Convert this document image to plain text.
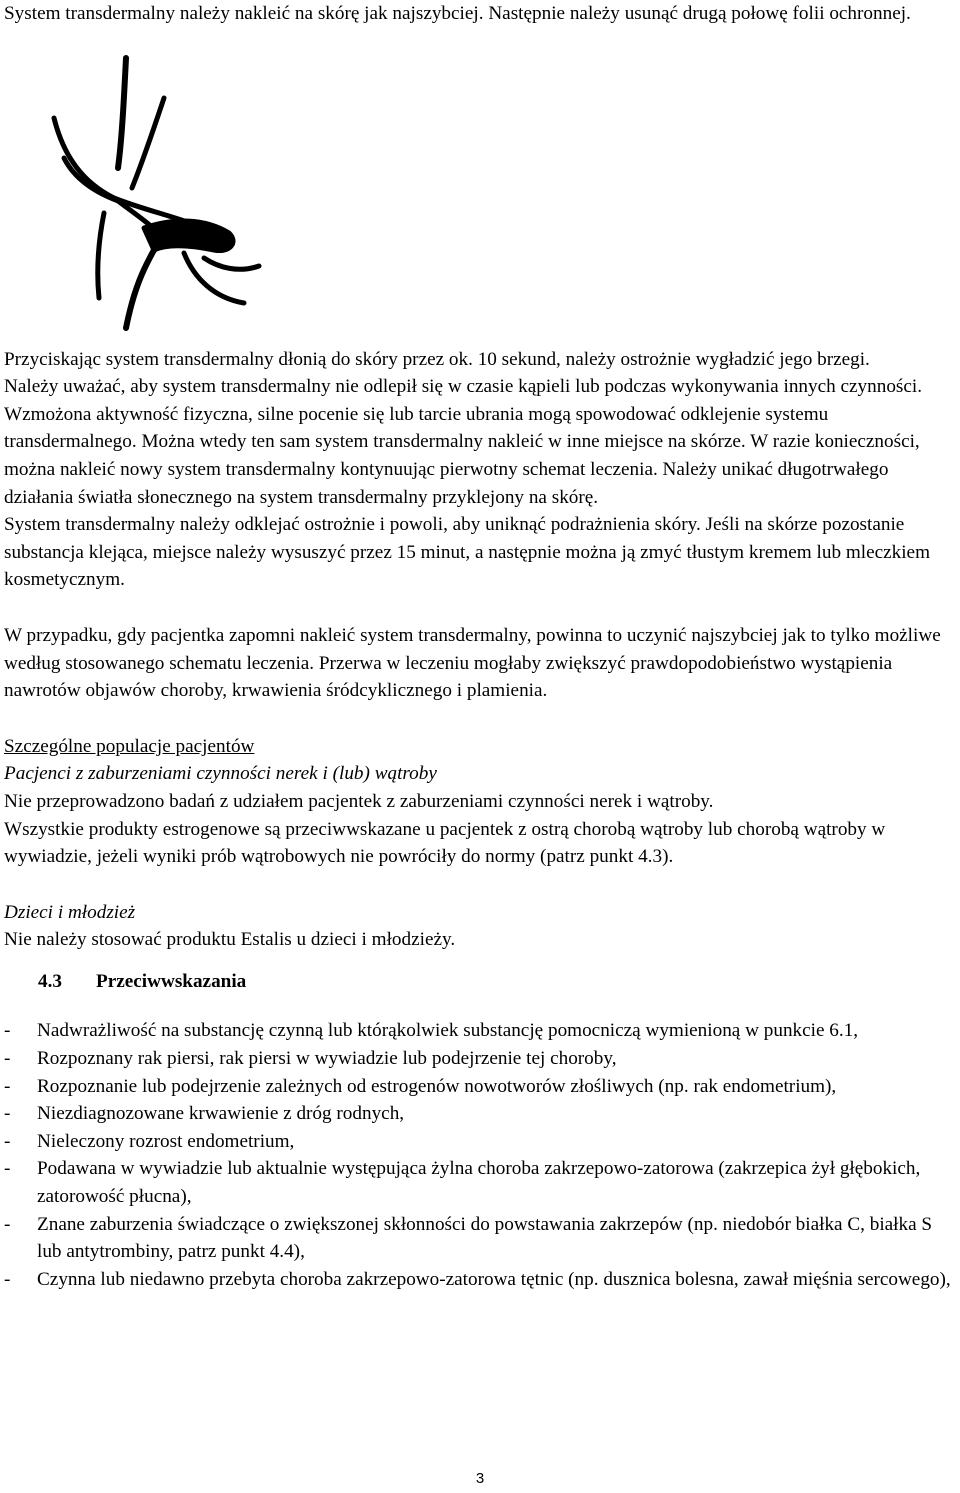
System transdermalny należy nakleić na skórę jak najszybciej. Następnie należy usunąć drugą połowę folii ochronnej.

Przyciskając system transdermalny dłonią do skóry przez ok. 10 sekund, należy ostrożnie wygładzić jego brzegi.

Należy uważać, aby system transdermalny nie odlepił się w czasie kąpieli lub podczas wykonywania innych czynności. Wzmożona aktywność fizyczna, silne pocenie się lub tarcie ubrania mogą spowodować odklejenie systemu transdermalnego. Można wtedy ten sam system transdermalny nakleić w inne miejsce na skórze. W razie konieczności, można nakleić nowy system transdermalny kontynuując pierwotny schemat leczenia. Należy unikać długotrwałego działania światła słonecznego na system transdermalny przyklejony na skórę.

System transdermalny należy odklejać ostrożnie i powoli, aby uniknąć podrażnienia skóry. Jeśli na skórze pozostanie substancja klejąca, miejsce należy wysuszyć przez 15 minut, a następnie można ją zmyć tłustym kremem lub mleczkiem kosmetycznym.

W przypadku, gdy pacjentka zapomni nakleić system transdermalny, powinna to uczynić najszybciej jak to tylko możliwe według stosowanego schematu leczenia. Przerwa w leczeniu mogłaby zwiększyć prawdopodobieństwo wystąpienia nawrotów objawów choroby, krwawienia śródcyklicznego i plamienia.

Szczególne populacje pacjentów

Pacjenci z zaburzeniami czynności nerek i (lub) wątroby

Nie przeprowadzono badań z udziałem pacjentek z zaburzeniami czynności nerek i wątroby.

Wszystkie produkty estrogenowe są przeciwwskazane u pacjentek z ostrą chorobą wątroby lub chorobą wątroby w wywiadzie, jeżeli wyniki prób wątrobowych nie powróciły do normy (patrz punkt 4.3).

Dzieci i młodzież

Nie należy stosować produktu Estalis u dzieci i młodzieży.

4.3 Przeciwwskazania

- Nadwrażliwość na substancję czynną lub którąkolwiek substancję pomocniczą wymienioną w punkcie 6.1,
- Rozpoznany rak piersi, rak piersi w wywiadzie lub podejrzenie tej choroby,
- Rozpoznanie lub podejrzenie zależnych od estrogenów nowotworów złośliwych (np. rak endometrium),
- Niezdiagnozowane krwawienie z dróg rodnych,
- Nieleczony rozrost endometrium,
- Podawana w wywiadzie lub aktualnie występująca żylna choroba zakrzepowo-zatorowa (zakrzepica żył głębokich, zatorowość płucna),
- Znane zaburzenia świadczące o zwiększonej skłonności do powstawania zakrzepów (np. niedobór białka C, białka S lub antytrombiny, patrz punkt 4.4),
- Czynna lub niedawno przebyta choroba zakrzepowo-zatorowa tętnic (np. dusznica bolesna, zawał mięśnia sercowego),
3
